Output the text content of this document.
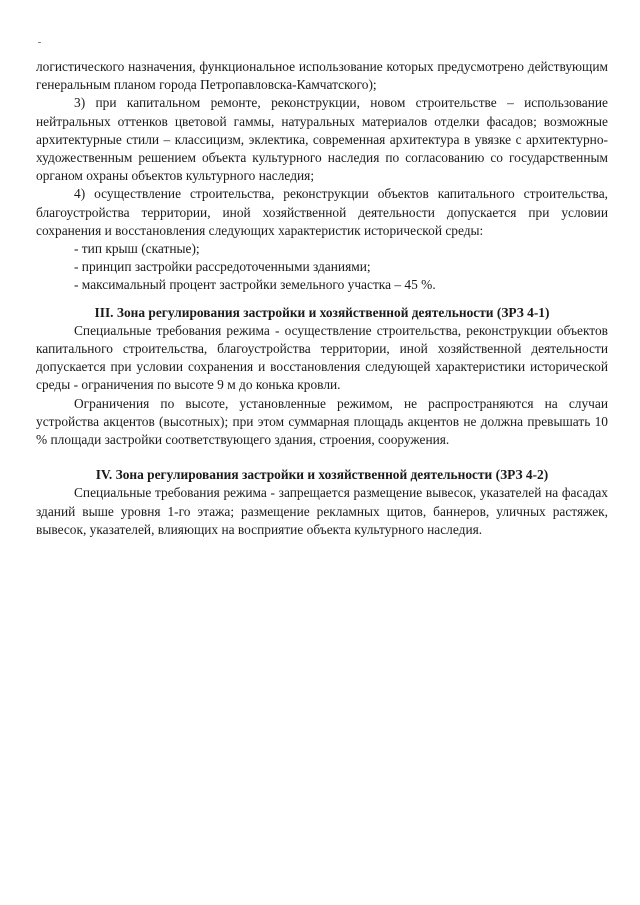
логистического назначения, функциональное использование которых предусмотрено действующим генеральным планом города Петропавловска-Камчатского);

3) при капитальном ремонте, реконструкции, новом строительстве – использование нейтральных оттенков цветовой гаммы, натуральных материалов отделки фасадов; возможные архитектурные стили – классицизм, эклектика, современная архитектура в увязке с архитектурно-художественным решением объекта культурного наследия по согласованию со государственным органом охраны объектов культурного наследия;

4) осуществление строительства, реконструкции объектов капитального строительства, благоустройства территории, иной хозяйственной деятельности допускается при условии сохранения и восстановления следующих характеристик исторической среды:

- тип крыш (скатные);

- принцип застройки рассредоточенными зданиями;

- максимальный процент застройки земельного участка – 45 %.

III. Зона регулирования застройки и хозяйственной деятельности (ЗРЗ 4-1)

Специальные требования режима - осуществление строительства, реконструкции объектов капитального строительства, благоустройства территории, иной хозяйственной деятельности допускается при условии сохранения и восстановления следующей характеристики исторической среды - ограничения по высоте 9 м до конька кровли.

Ограничения по высоте, установленные режимом, не распространяются на случаи устройства акцентов (высотных); при этом суммарная площадь акцентов не должна превышать 10 % площади застройки соответствующего здания, строения, сооружения.

IV. Зона регулирования застройки и хозяйственной деятельности (ЗРЗ 4-2)

Специальные требования режима - запрещается размещение вывесок, указателей на фасадах зданий выше уровня 1-го этажа; размещение рекламных щитов, баннеров, уличных растяжек, вывесок, указателей, влияющих на восприятие объекта культурного наследия.
